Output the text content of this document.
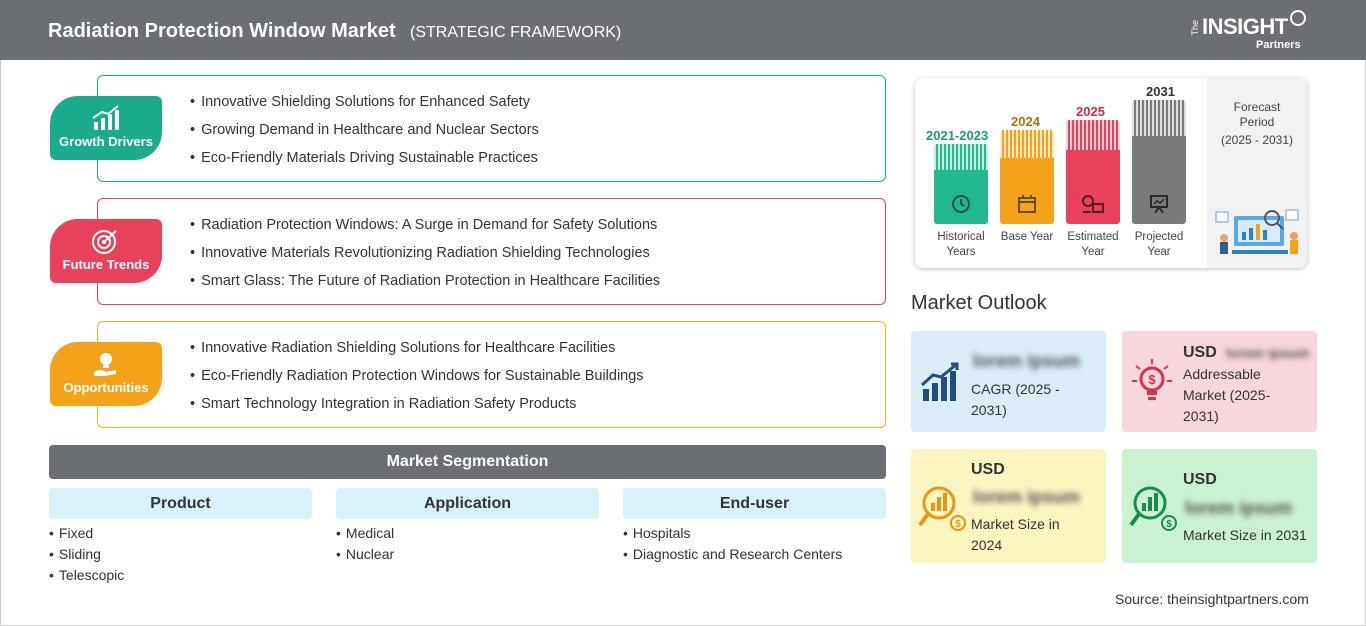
Radiation Protection Window Market (STRATEGIC FRAMEWORK)	The INSIGHT
Partners
• Innovative Shielding Solutions for Enhanced Safety
• Growing Demand in Healthcare and Nuclear Sectors
• Eco-Friendly Materials Driving Sustainable Practices
Growth Drivers
• Radiation Protection Windows: A Surge in Demand for Safety Solutions
• Innovative Materials Revolutionizing Radiation Shielding Technologies
• Smart Glass: The Future of Radiation Protection in Healthcare Facilities
Future Trends
• Innovative Radiation Shielding Solutions for Healthcare Facilities
• Eco-Friendly Radiation Protection Windows for Sustainable Buildings
• Smart Technology Integration in Radiation Safety Products
Opportunities
Market Segmentation
Product
• Fixed
• Sliding
• Telescopic
Application
• Medical
• Nuclear
End-user
• Hospitals
• Diagnostic and Research Centers
2021-2023
Historical Years
2024
Base Year
2025
Estimated Year
2031
Projected Year
Forecast Period
(2025 - 2031)
Market Outlook
lorem ipsum
CAGR (2025 - 2031)
$
USD lorem ipsum
Addressable Market (2025-2031)
$
USD
lorem ipsum
Market Size in 2024
$
USD
lorem ipsum
Market Size in 2031
Source: theinsightpartners.com
